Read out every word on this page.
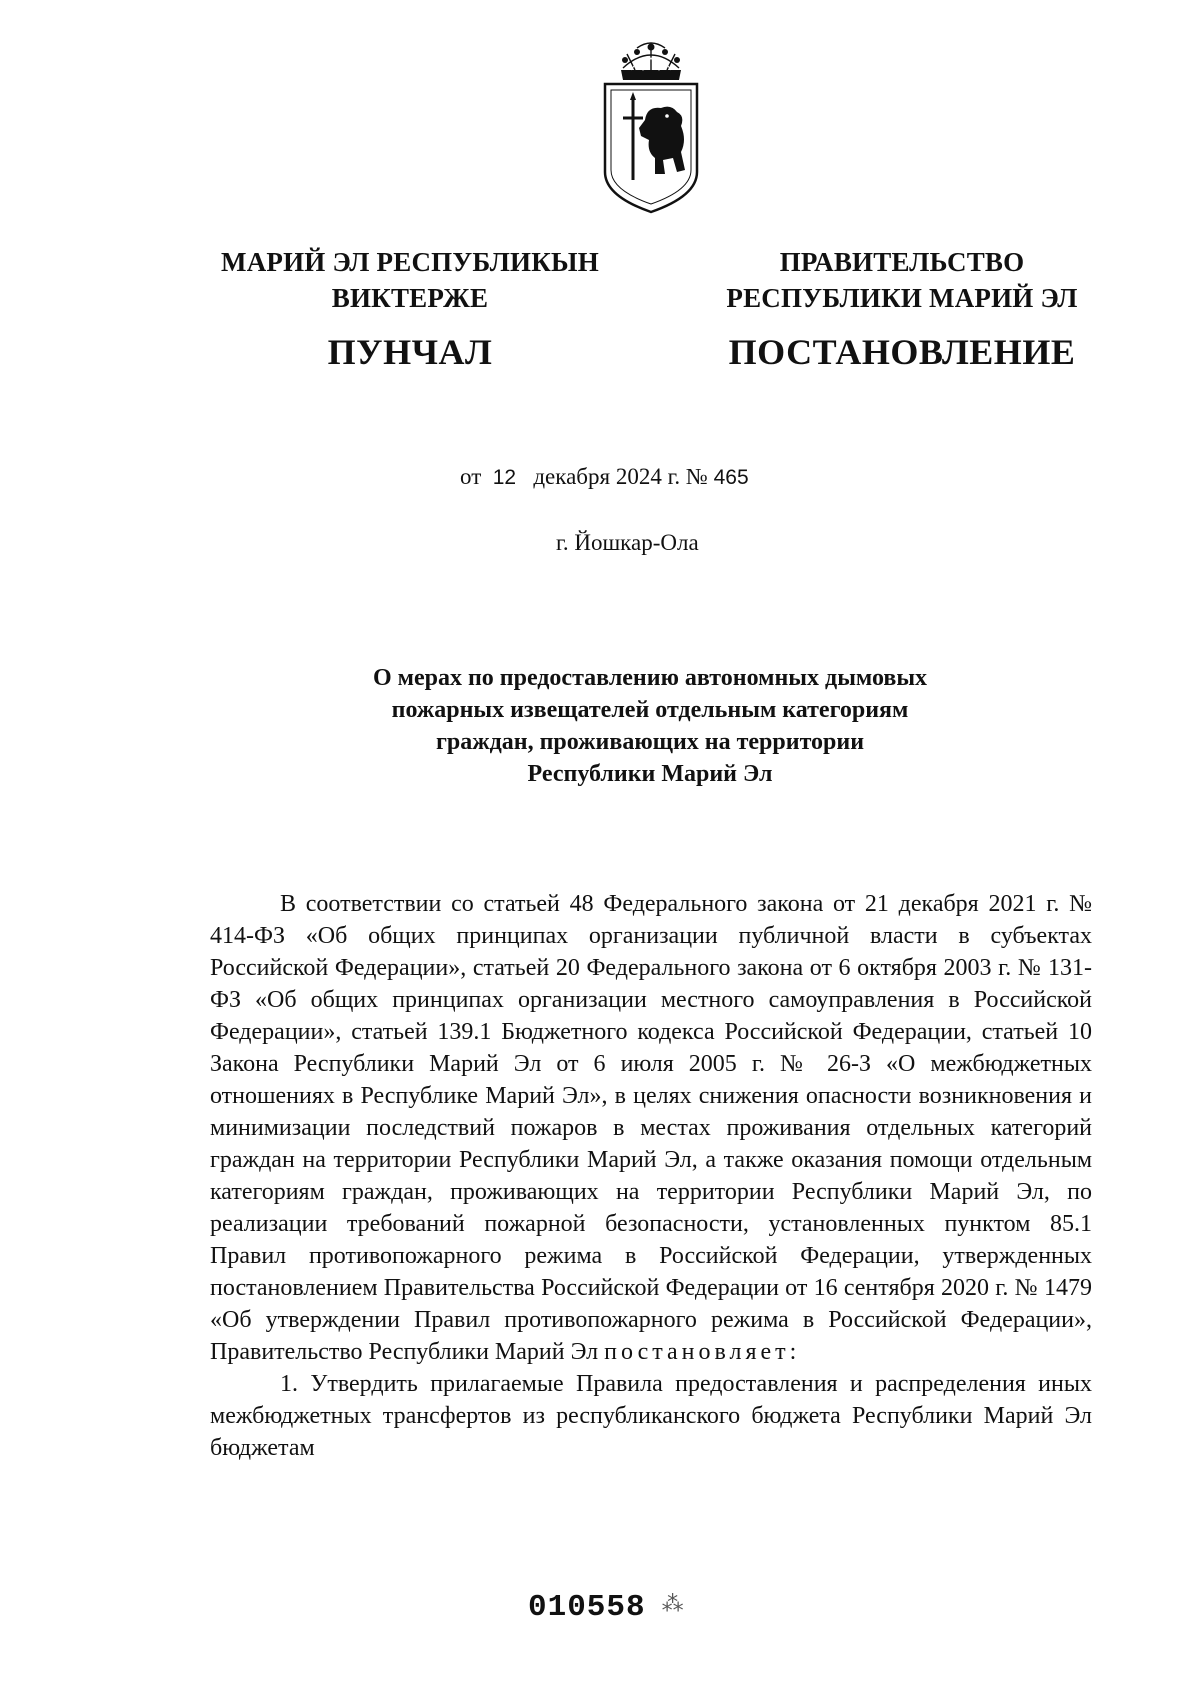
МАРИЙ ЭЛ РЕСПУБЛИКЫН
ВИКТЕРЖЕ
ПУНЧАЛ
ПРАВИТЕЛЬСТВО
РЕСПУБЛИКИ МАРИЙ ЭЛ
ПОСТАНОВЛЕНИЕ
от 12 декабря 2024 г. № 465
г. Йошкар-Ола
О мерах по предоставлению автономных дымовых
пожарных извещателей отдельным категориям
граждан, проживающих на территории
Республики Марий Эл

В соответствии со статьей 48 Федерального закона от 21 декабря 2021 г. № 414-ФЗ «Об общих принципах организации публичной власти в субъектах Российской Федерации», статьей 20 Федерального закона от 6 октября 2003 г. № 131-ФЗ «Об общих принципах организации местного самоуправления в Российской Федерации», статьей 139.1 Бюджетного кодекса Российской Федерации, статьей 10 Закона Республики Марий Эл от 6 июля 2005 г. № 26-З «О межбюджетных отношениях в Республике Марий Эл», в целях снижения опасности возникновения и минимизации последствий пожаров в местах проживания отдельных категорий граждан на территории Республики Марий Эл, а также оказания помощи отдельным категориям граждан, проживающих на территории Республики Марий Эл, по реализации требований пожарной безопасности, установленных пунктом 85.1 Правил противопожарного режима в Российской Федерации, утвержденных постановлением Правительства Российской Федерации от 16 сентября 2020 г. № 1479 «Об утверждении Правил противопожарного режима в Российской Федерации», Правительство Республики Марий Эл постановляет:

1. Утвердить прилагаемые Правила предоставления и распределения иных межбюджетных трансфертов из республиканского бюджета Республики Марий Эл бюджетам

010558 ⁂
